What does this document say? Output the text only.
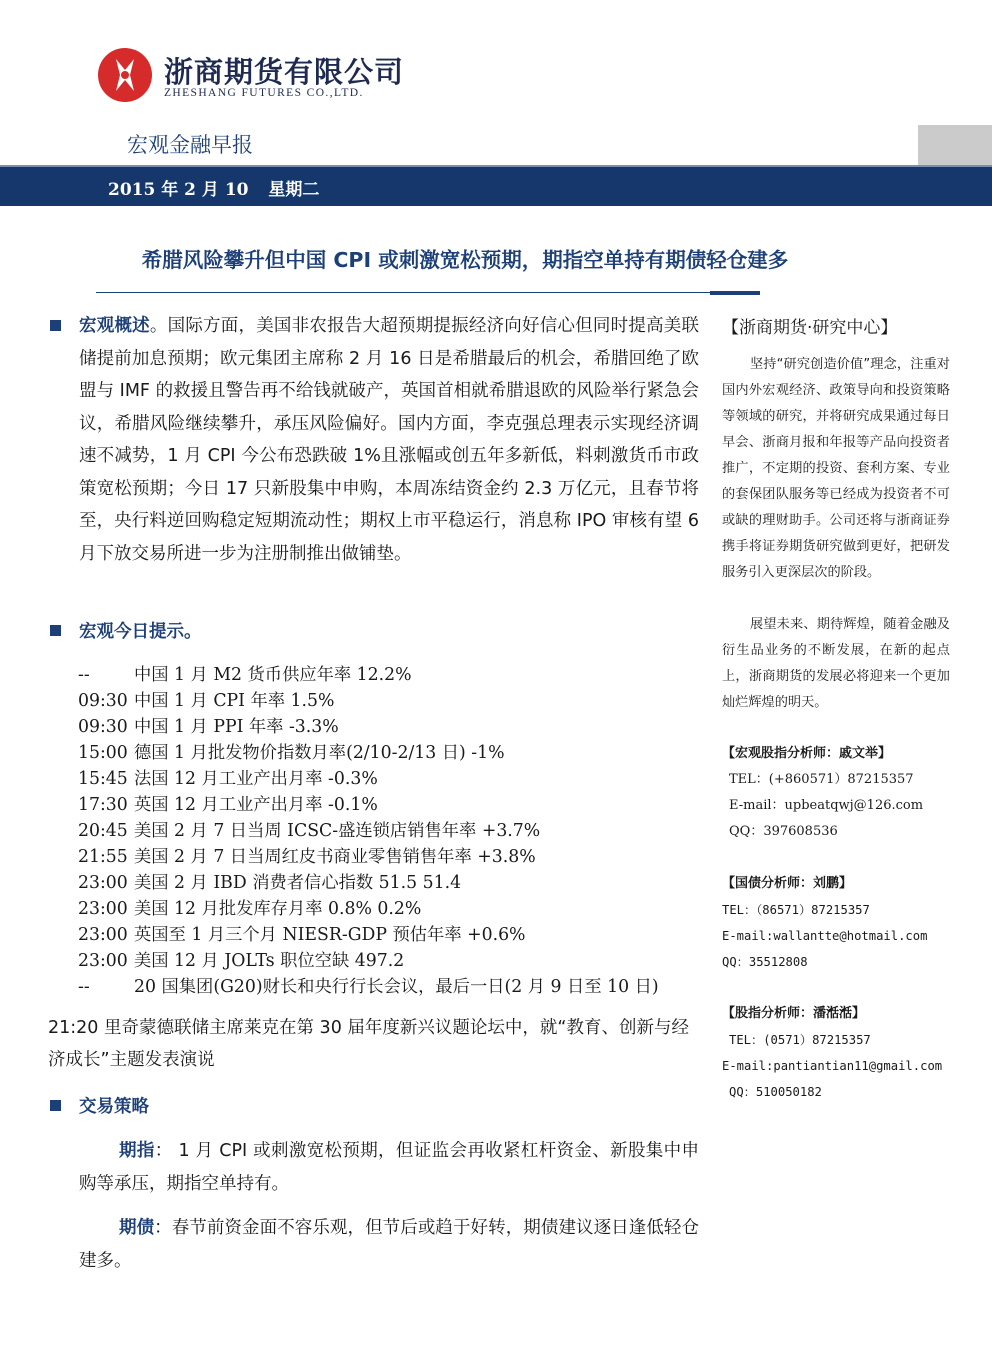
浙商期货有限公司
ZHESHANG FUTURES CO.,LTD.
宏观金融早报
2015 年 2 月 10 星期二
希腊风险攀升但中国 CPI 或刺激宽松预期，期指空单持有期债轻仓建多
宏观概述。国际方面，美国非农报告大超预期提振经济向好信心但同时提高美联储提前加息预期；欧元集团主席称 2 月 16 日是希腊最后的机会，希腊回绝了欧盟与 IMF 的救援且警告再不给钱就破产，英国首相就希腊退欧的风险举行紧急会议，希腊风险继续攀升，承压风险偏好。国内方面，李克强总理表示实现经济调速不减势，1 月 CPI 今公布恐跌破 1%且涨幅或创五年多新低，料刺激货币市政策宽松预期；今日 17 只新股集中申购，本周冻结资金约 2.3 万亿元，且春节将至，央行料逆回购稳定短期流动性；期权上市平稳运行，消息称 IPO 审核有望 6 月下放交易所进一步为注册制推出做铺垫。
宏观今日提示。
--	中国 1 月 M2 货币供应年率 12.2%
09:30 中国 1 月 CPI 年率 1.5%
09:30 中国 1 月 PPI 年率 -3.3%
15:00 德国 1 月批发物价指数月率(2/10-2/13 日) -1%
15:45 法国 12 月工业产出月率 -0.3%
17:30 英国 12 月工业产出月率 -0.1%
20:45 美国 2 月 7 日当周 ICSC-盛连锁店销售年率 +3.7%
21:55 美国 2 月 7 日当周红皮书商业零售销售年率 +3.8%
23:00 美国 2 月 IBD 消费者信心指数 51.5 51.4
23:00 美国 12 月批发库存月率 0.8% 0.2%
23:00 英国至 1 月三个月 NIESR-GDP 预估年率 +0.6%
23:00 美国 12 月 JOLTs 职位空缺 497.2
--	20 国集团(G20)财长和央行行长会议，最后一日(2 月 9 日至 10 日)
21:20 里奇蒙德联储主席莱克在第 30 届年度新兴议题论坛中，就“教育、创新与经济成长”主题发表演说
交易策略
期指： 1 月 CPI 或刺激宽松预期，但证监会再收紧杠杆资金、新股集中申购等承压，期指空单持有。
期债：春节前资金面不容乐观，但节后或趋于好转，期债建议逐日逢低轻仓建多。
【浙商期货·研究中心】
坚持“研究创造价值”理念，注重对国内外宏观经济、政策导向和投资策略等领域的研究，并将研究成果通过每日早会、浙商月报和年报等产品向投资者推广，不定期的投资、套利方案、专业的套保团队服务等已经成为投资者不可或缺的理财助手。公司还将与浙商证券携手将证券期货研究做到更好，把研发服务引入更深层次的阶段。
展望未来、期待辉煌，随着金融及衍生品业务的不断发展，在新的起点上，浙商期货的发展必将迎来一个更加灿烂辉煌的明天。
【宏观股指分析师：戚文举】
TEL：(+860571）87215357
E-mail：upbeatqwj@126.com
QQ：397608536
【国债分析师：刘鹏】
TEL：（86571）87215357
E-mail:wallantte@hotmail.com
QQ：35512808
【股指分析师：潘湉湉】
TEL：(0571）87215357
E-mail:pantiantian11@gmail.com
QQ：510050182
